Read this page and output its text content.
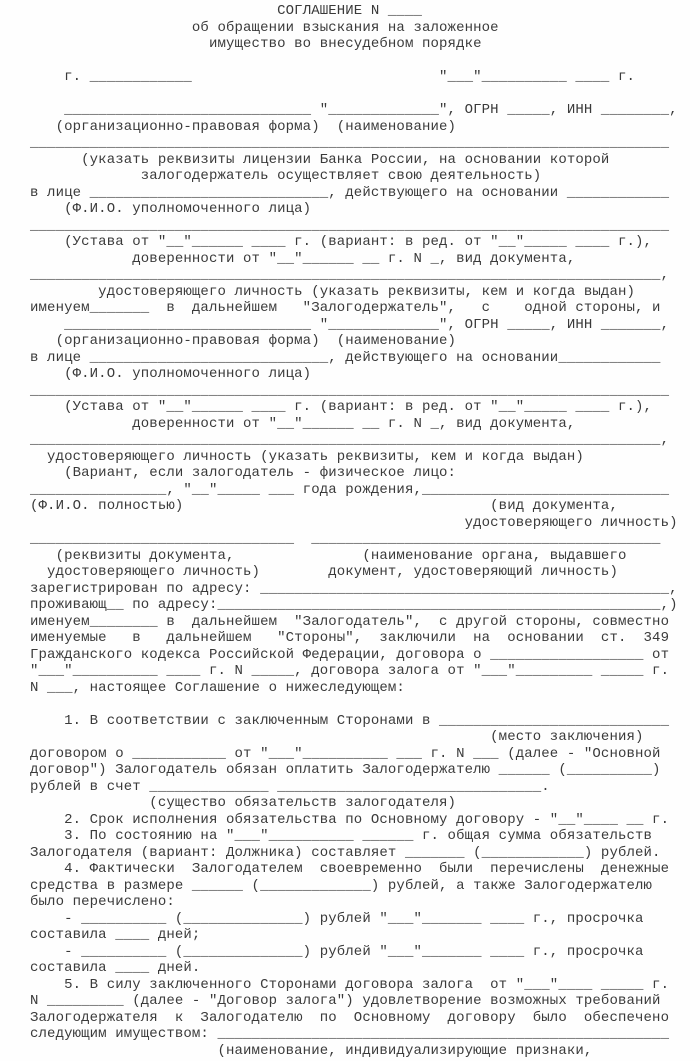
СОГЛАШЕНИЕ N ____
об обращении взыскания на заложенное
имущество во внесудебном порядке
г. ____________                             "___"__________ ____ г.
_____________________________ "_____________", ОГРН _____, ИНН ________,
(организационно-правовая форма)  (наименование)
___________________________________________________________________________
(указать реквизиты лицензии Банка России, на основании которой
залогодержатель осуществляет свою деятельность)
в лице ____________________________, действующего на основании ____________
(Ф.И.О. уполномоченного лица)
___________________________________________________________________________
(Устава от "__"______ ____ г. (вариант: в ред. от "__"_____ ____ г.),
доверенности от "__"______ __ г. N _, вид документа,
__________________________________________________________________________,
удостоверяющего личность (указать реквизиты, кем и когда выдан)
именуем_______  в  дальнейшем   "Залогодержатель",   с    одной стороны, и
_____________________________ "_____________", ОГРН _____, ИНН _______,
(организационно-правовая форма)  (наименование)
в лице ____________________________, действующего на основании____________
(Ф.И.О. уполномоченного лица)
___________________________________________________________________________
(Устава от "__"______ ____ г. (вариант: в ред. от "__"_____ ____ г.),
доверенности от "__"______ __ г. N _, вид документа,
__________________________________________________________________________,
удостоверяющего личность (указать реквизиты, кем и когда выдан)
(Вариант, если залогодатель - физическое лицо:
________________, "__"_____ ___ года рождения,_____________________________
(Ф.И.О. полностью)                                    (вид документа,
удостоверяющего личность)
_______________________________  _________________________________________
(реквизиты документа,               (наименование органа, выдавшего
удостоверяющего личность)        документ, удостоверяющий личность)
зарегистрирован по адресу: ________________________________________________,
проживающ__ по адресу:____________________________________________________,)
именуем________ в  дальнейшем  "Залогодатель",  с другой стороны, совместно
именуемые   в   дальнейшем   "Стороны",  заключили  на  основании  ст.  349
Гражданского кодекса Российской Федерации, договора о __________________ от
"___"__________ ____ г. N _____, договора залога от "___"_________ _____ г.
N ___, настоящее Соглашение о нижеследующем:
1. В соответствии с заключенным Сторонами в ___________________________
(место заключения)
договором о ___________ от "___"__________ ___ г. N ___ (далее - "Основной
договор") Залогодатель обязан оплатить Залогодержателю ______ (__________)
рублей в счет ______________ _______________________________.
(существо обязательств залогодателя)
2. Срок исполнения обязательства по Основному договору - "__"____ __ г.
3. По состоянию на "___"__________ ______ г. общая сумма обязательств
Залогодателя (вариант: Должника) составляет _______ (____________) рублей.
4. Фактически  Залогодателем  своевременно  были  перечислены  денежные
средства в размере ______ (_____________) рублей, а также Залогодержателю
было перечислено:
- __________ (______________) рублей "___"_______ ____ г., просрочка
составила ____ дней;
- __________ (______________) рублей "___"_______ ____ г., просрочка
составила ____ дней.
5. В силу заключенного Сторонами договора залога  от "___"____ _____ г.
N _________ (далее - "Договор залога") удовлетворение возможных требований
Залогодержателя  к  Залогодателю  по  Основному  договору  было  обеспечено
следующим имуществом: _____________________________________________________
(наименование, индивидуализирующие признаки,
